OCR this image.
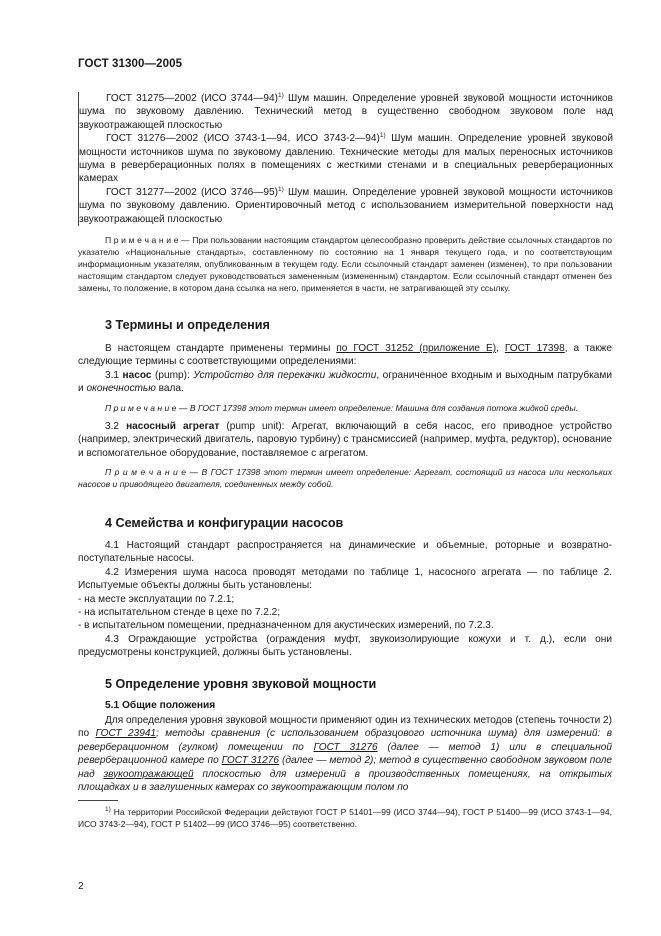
ГОСТ 31300—2005

ГОСТ 31275—2002 (ИСО 3744—94)$^{1)}$ Шум машин. Определение уровней звуковой мощности источников шума по звуковому давлению. Технический метод в существенно свободном звуковом поле над звукоотражающей плоскостью

ГОСТ 31276—2002 (ИСО 3743-1—94, ИСО 3743-2—94)$^{1)}$ Шум машин. Определение уровней звуковой мощности источников шума по звуковому давлению. Технические методы для малых переносных источников шума в реверберационных полях в помещениях с жесткими стенами и в специальных реверберационных камерах

ГОСТ 31277—2002 (ИСО 3746—95)$^{1)}$ Шум машин. Определение уровней звуковой мощности источников шума по звуковому давлению. Ориентировочный метод с использованием измерительной поверхности над звукоотражающей плоскостью

П р и м е ч а н и е — При пользовании настоящим стандартом целесообразно проверить действие ссылочных стандартов по указателю «Национальные стандарты», составленному по состоянию на 1 января текущего года, и по соответствующим информационным указателям, опубликованным в текущем году. Если ссылочный стандарт заменен (изменен), то при пользовании настоящим стандартом следует руководствоваться замененным (измененным) стандартом. Если ссылочный стандарт отменен без замены, то положение, в котором дана ссылка на него, применяется в части, не затрагивающей эту ссылку.

3 Термины и определения

В настоящем стандарте применены термины по ГОСТ 31252 (приложение Е), ГОСТ 17398, а также следующие термины с соответствующими определениями:

3.1 насос (pump): Устройство для перекачки жидкости, ограниченное входным и выходным патрубками и оконечностью вала.

П р и м е ч а н и е — В ГОСТ 17398 этот термин имеет определение: Машина для создания потока жидкой среды.

3.2 насосный агрегат (pump unit): Агрегат, включающий в себя насос, его приводное устройство (например, электрический двигатель, паровую турбину) с трансмиссией (например, муфта, редуктор), основание и вспомогательное оборудование, поставляемое с агрегатом.

П р и м е ч а н и е — В ГОСТ 17398 этот термин имеет определение: Агрегат, состоящий из насоса или нескольких насосов и приводящего двигателя, соединенных между собой.

4 Семейства и конфигурации насосов

4.1 Настоящий стандарт распространяется на динамические и объемные, роторные и возвратно-поступательные насосы.

4.2 Измерения шума насоса проводят методами по таблице 1, насосного агрегата — по таблице 2. Испытуемые объекты должны быть установлены:

- на месте эксплуатации по 7.2.1;

- на испытательном стенде в цехе по 7.2.2;

- в испытательном помещении, предназначенном для акустических измерений, по 7.2.3.

4.3 Ограждающие устройства (ограждения муфт, звукоизолирующие кожухи и т. д.), если они предусмотрены конструкцией, должны быть установлены.

5 Определение уровня звуковой мощности

5.1 Общие положения

Для определения уровня звуковой мощности применяют один из технических методов (степень точности 2) по ГОСТ 23941; методы сравнения (с использованием образцового источника шума) для измерений: в реверберационном (гулком) помещении по ГОСТ 31276 (далее — метод 1) или в специальной реверберационной камере по ГОСТ 31276 (далее — метод 2); метод в существенно свободном звуковом поле над звукоотражающей плоскостью для измерений в производственных помещениях, на открытых площадках и в заглушенных камерах со звукоотражающим полом по

$^{1)}$ На территории Российской Федерации действуют ГОСТ Р 51401—99 (ИСО 3744—94), ГОСТ Р 51400—99 (ИСО 3743-1—94, ИСО 3743-2—94), ГОСТ Р 51402—99 (ИСО 3746—95) соответственно.
2
